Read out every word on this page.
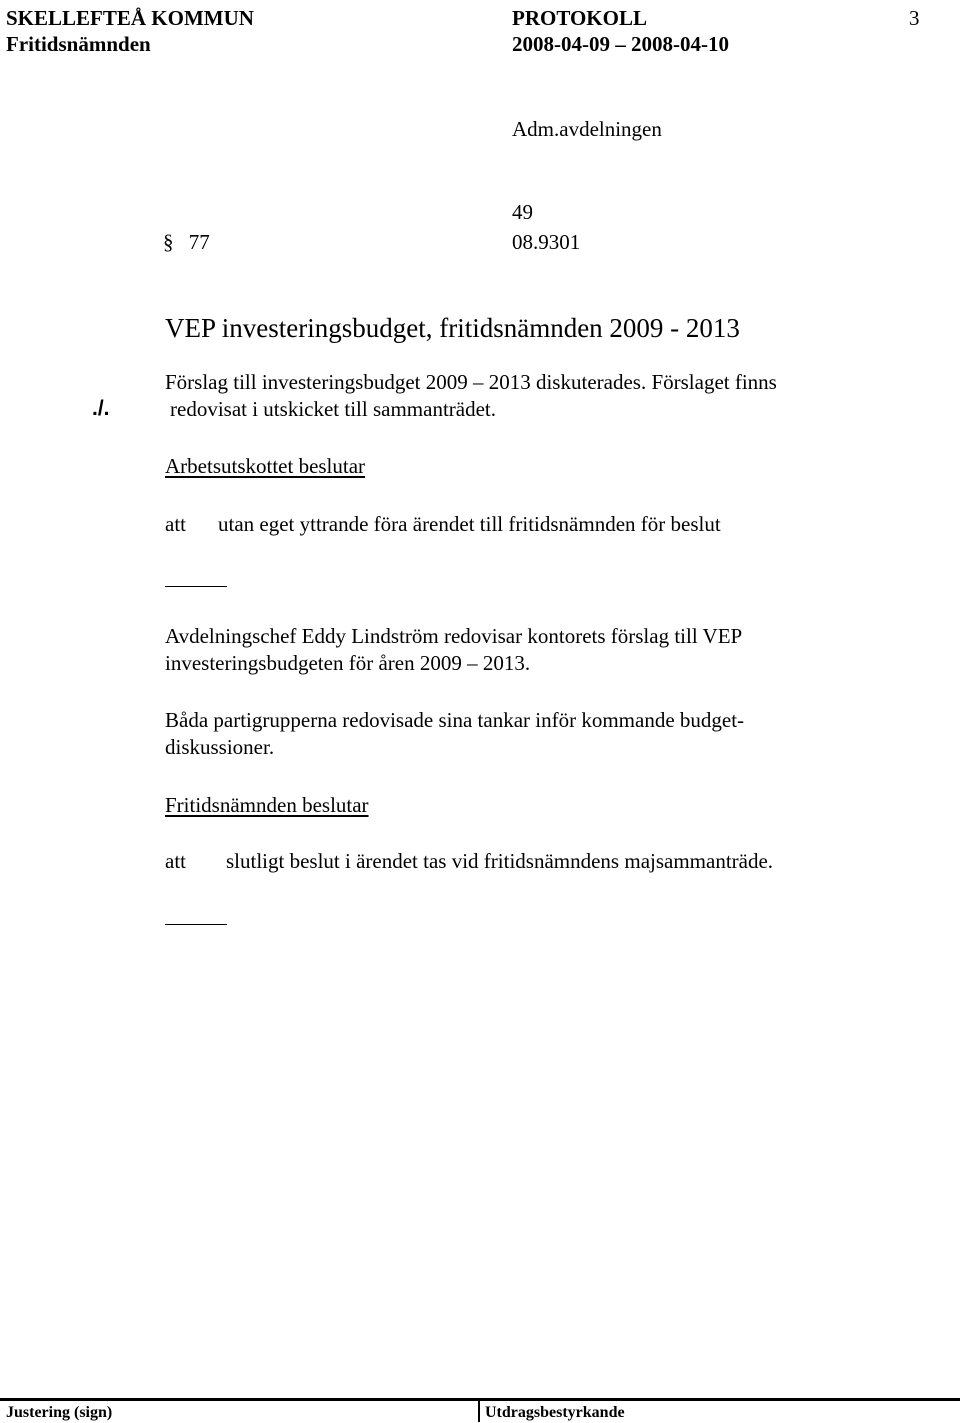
SKELLEFTEÅ KOMMUN	PROTOKOLL	3
Fritidsnämnden	2008-04-09 – 2008-04-10
Adm.avdelningen
49
§ 77	08.9301
VEP investeringsbudget, fritidsnämnden 2009 - 2013
Förslag till investeringsbudget 2009 – 2013 diskuterades. Förslaget finns
./.	redovisat i utskicket till sammanträdet.
Arbetsutskottet beslutar
att utan eget yttrande föra ärendet till fritidsnämnden för beslut
Avdelningschef Eddy Lindström redovisar kontorets förslag till VEP
investeringsbudgeten för åren 2009 – 2013.
Båda partigrupperna redovisade sina tankar inför kommande budget-
diskussioner.
Fritidsnämnden beslutar
att slutligt beslut i ärendet tas vid fritidsnämndens majsammanträde.
Justering (sign)	Utdragsbestyrkande
